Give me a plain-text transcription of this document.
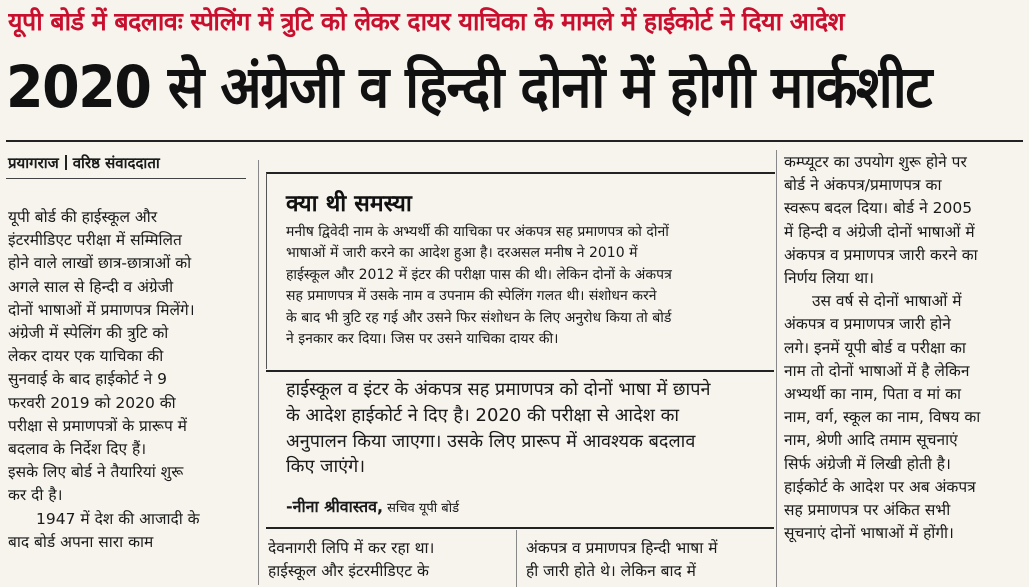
यूपी बोर्ड में बदलावः स्पेलिंग में त्रुटि को लेकर दायर याचिका के मामले में हाईकोर्ट ने दिया आदेश
2020 से अंग्रेजी व हिन्दी दोनों में होगी मार्कशीट
प्रयागराज वरिष्ठ संवाददाता
यूपी बोर्ड की हाईस्कूल और
इंटरमीडिएट परीक्षा में सम्मिलित
होने वाले लाखों छात्र-छात्राओं को
अगले साल से हिन्दी व अंग्रेजी
दोनों भाषाओं में प्रमाणपत्र मिलेंगे।
अंग्रेजी में स्पेलिंग की त्रुटि को
लेकर दायर एक याचिका की
सुनवाई के बाद हाईकोर्ट ने 9
फरवरी 2019 को 2020 की
परीक्षा से प्रमाणपत्रों के प्रारूप में
बदलाव के निर्देश दिए हैं।
इसके लिए बोर्ड ने तैयारियां शुरू
कर दी है।
1947 में देश की आजादी के
बाद बोर्ड अपना सारा काम
क्या थी समस्या
मनीष द्विवेदी नाम के अभ्यर्थी की याचिका पर अंकपत्र सह प्रमाणपत्र को दोनों
भाषाओं में जारी करने का आदेश हुआ है। दरअसल मनीष ने 2010 में
हाईस्कूल और 2012 में इंटर की परीक्षा पास की थी। लेकिन दोनों के अंकपत्र
सह प्रमाणपत्र में उसके नाम व उपनाम की स्पेलिंग गलत थी। संशोधन करने
के बाद भी त्रुटि रह गई और उसने फिर संशोधन के लिए अनुरोध किया तो बोर्ड
ने इनकार कर दिया। जिस पर उसने याचिका दायर की।
हाईस्कूल व इंटर के अंकपत्र सह प्रमाणपत्र को दोनों भाषा में छापने
के आदेश हाईकोर्ट ने दिए है। 2020 की परीक्षा से आदेश का
अनुपालन किया जाएगा। उसके लिए प्रारूप में आवश्यक बदलाव
किए जाएंगे।
-नीना श्रीवास्तव, सचिव यूपी बोर्ड
देवनागरी लिपि में कर रहा था।
हाईस्कूल और इंटरमीडिएट के
अंकपत्र व प्रमाणपत्र हिन्दी भाषा में
ही जारी होते थे। लेकिन बाद में
कम्प्यूटर का उपयोग शुरू होने पर
बोर्ड ने अंकपत्र/प्रमाणपत्र का
स्वरूप बदल दिया। बोर्ड ने 2005
में हिन्दी व अंग्रेजी दोनों भाषाओं में
अंकपत्र व प्रमाणपत्र जारी करने का
निर्णय लिया था।
उस वर्ष से दोनों भाषाओं में
अंकपत्र व प्रमाणपत्र जारी होने
लगे। इनमें यूपी बोर्ड व परीक्षा का
नाम तो दोनों भाषाओं में है लेकिन
अभ्यर्थी का नाम, पिता व मां का
नाम, वर्ग, स्कूल का नाम, विषय का
नाम, श्रेणी आदि तमाम सूचनाएं
सिर्फ अंग्रेजी में लिखी होती है।
हाईकोर्ट के आदेश पर अब अंकपत्र
सह प्रमाणपत्र पर अंकित सभी
सूचनाएं दोनों भाषाओं में होंगी।
